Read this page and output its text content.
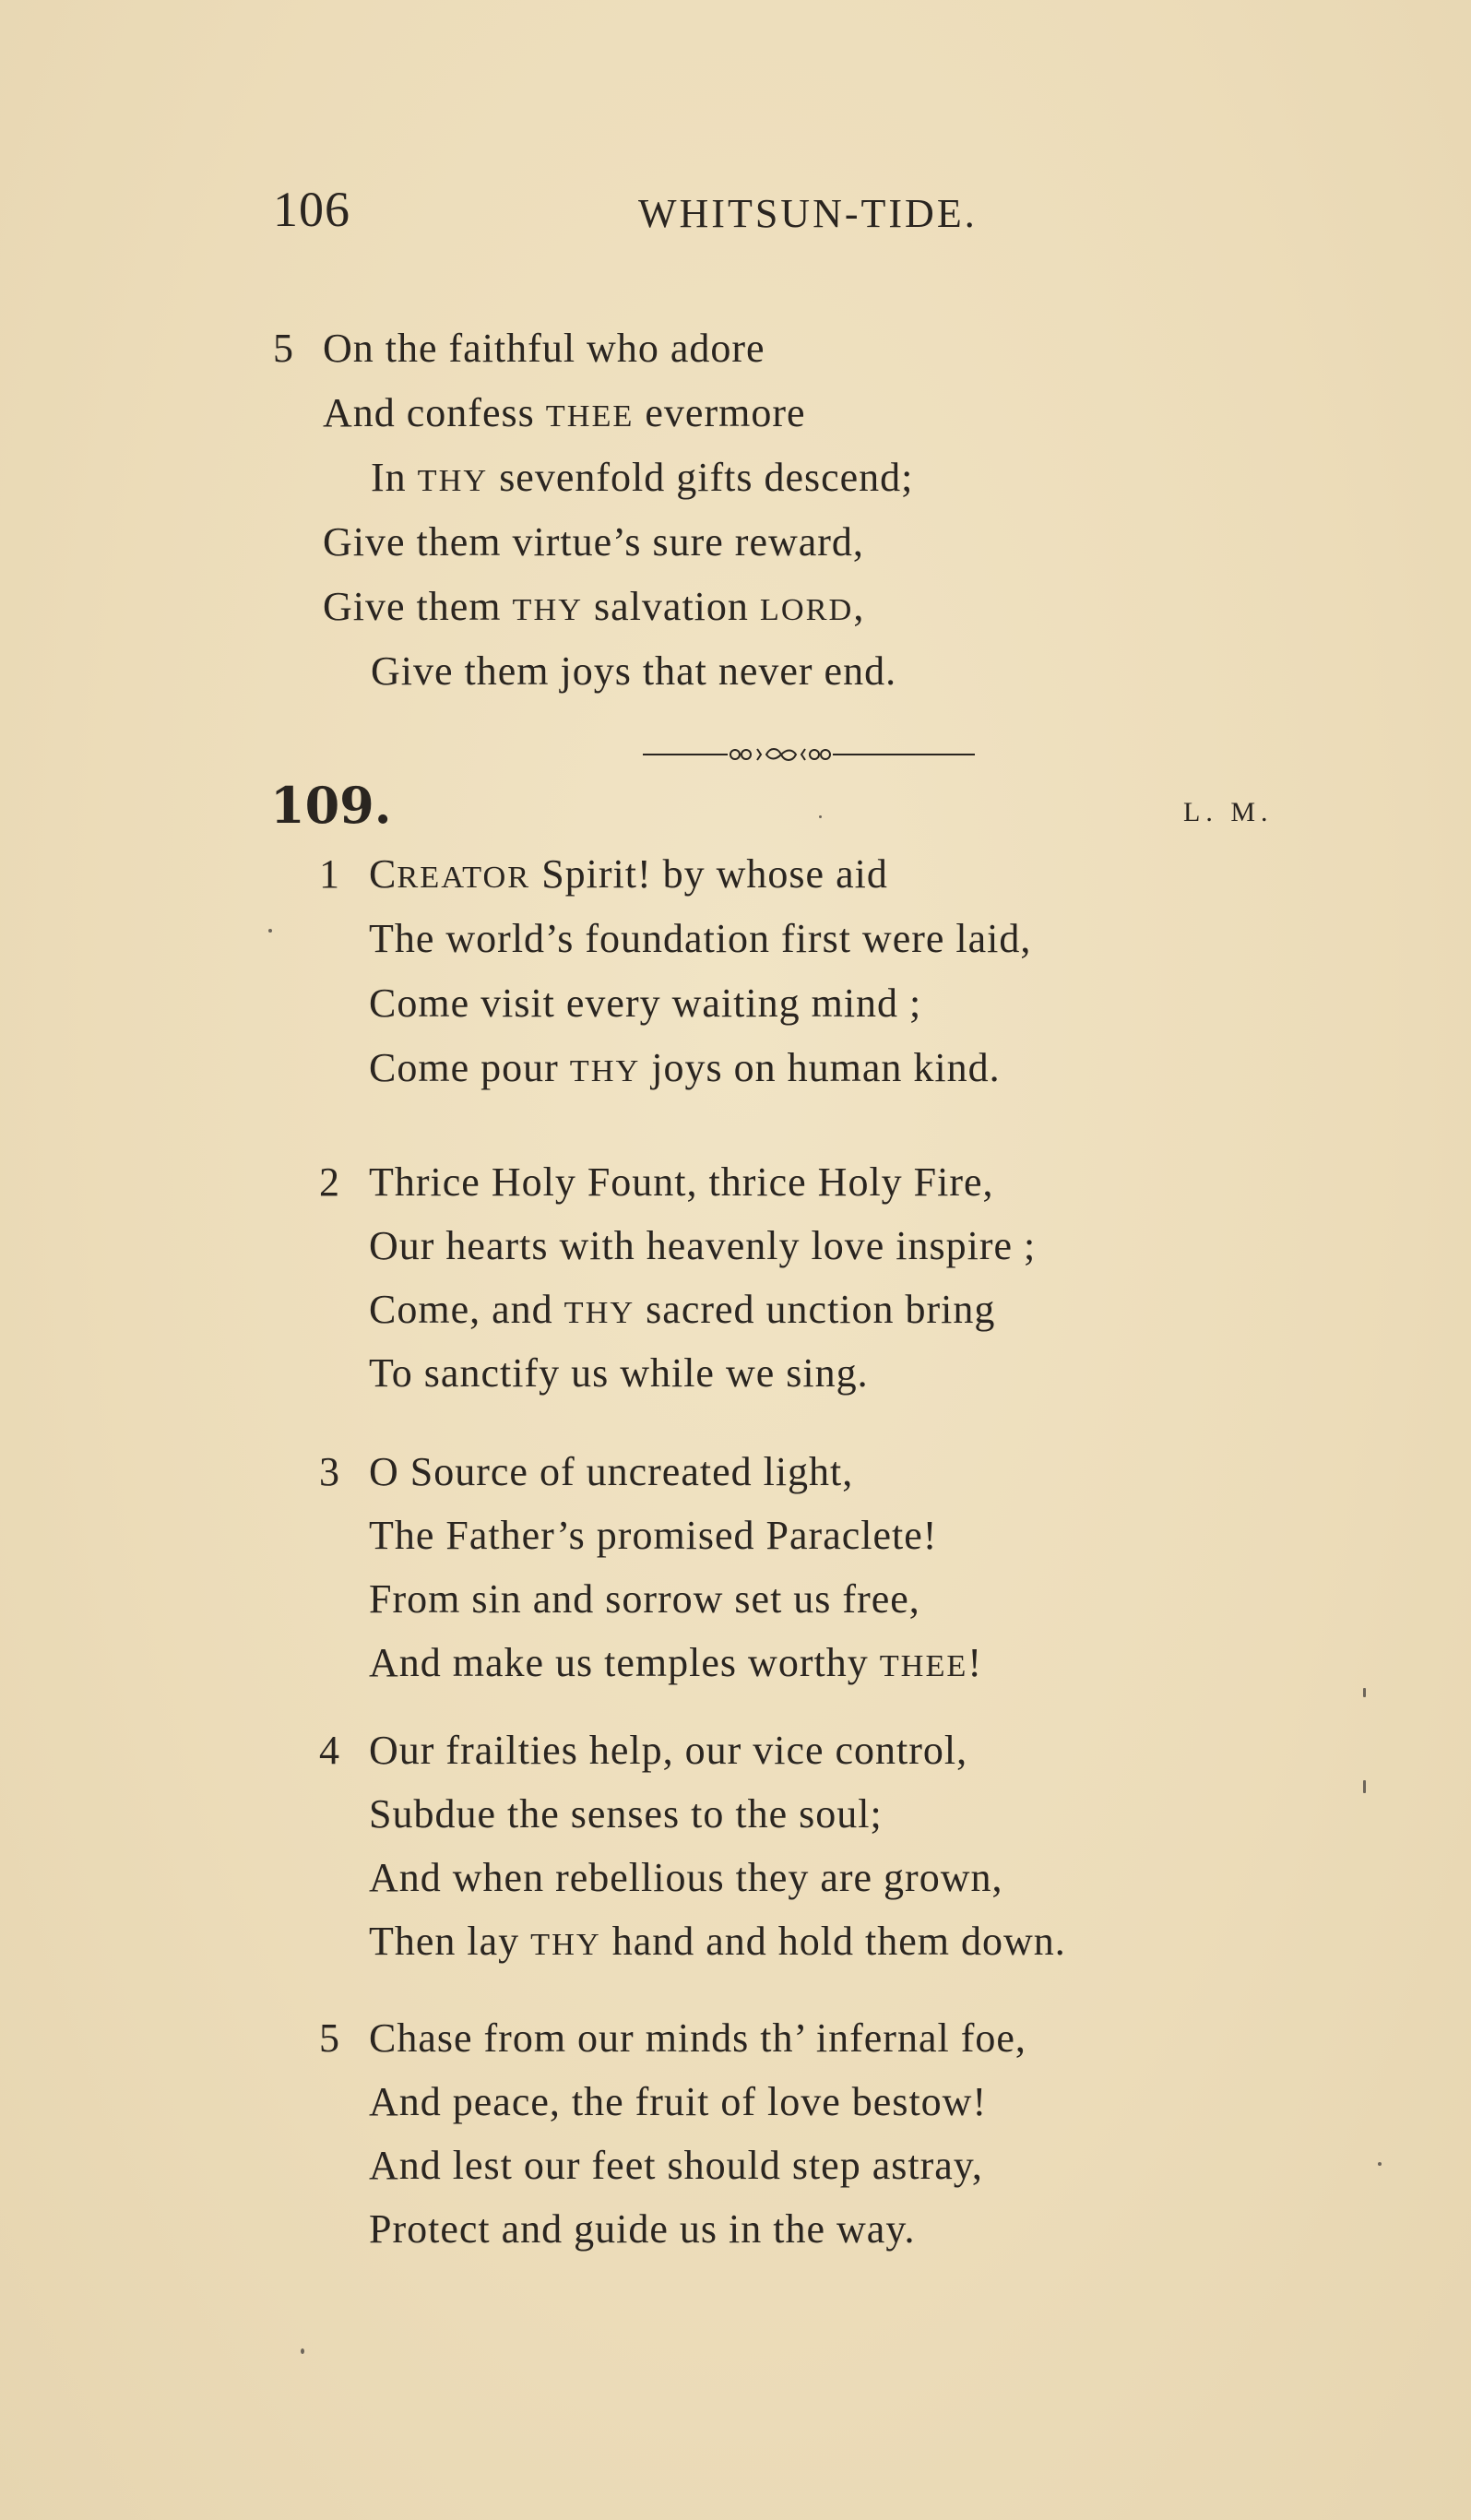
106	WHITSUN-TIDE.
5 On the faithful who adore
And confess THEE evermore
In THY sevenfold gifts descend;
Give them virtue’s sure reward,
Give them THY salvation LORD,
Give them joys that never end.
109.	L. M.
1 CREATOR Spirit! by whose aid
The world’s foundation first were laid,
Come visit every waiting mind ;
Come pour THY joys on human kind.
2 Thrice Holy Fount, thrice Holy Fire,
Our hearts with heavenly love inspire ;
Come, and THY sacred unction bring
To sanctify us while we sing.
3 O Source of uncreated light,
The Father’s promised Paraclete!
From sin and sorrow set us free,
And make us temples worthy THEE!
4 Our frailties help, our vice control,
Subdue the senses to the soul;
And when rebellious they are grown,
Then lay THY hand and hold them down.
5 Chase from our minds th’ infernal foe,
And peace, the fruit of love bestow!
And lest our feet should step astray,
Protect and guide us in the way.
